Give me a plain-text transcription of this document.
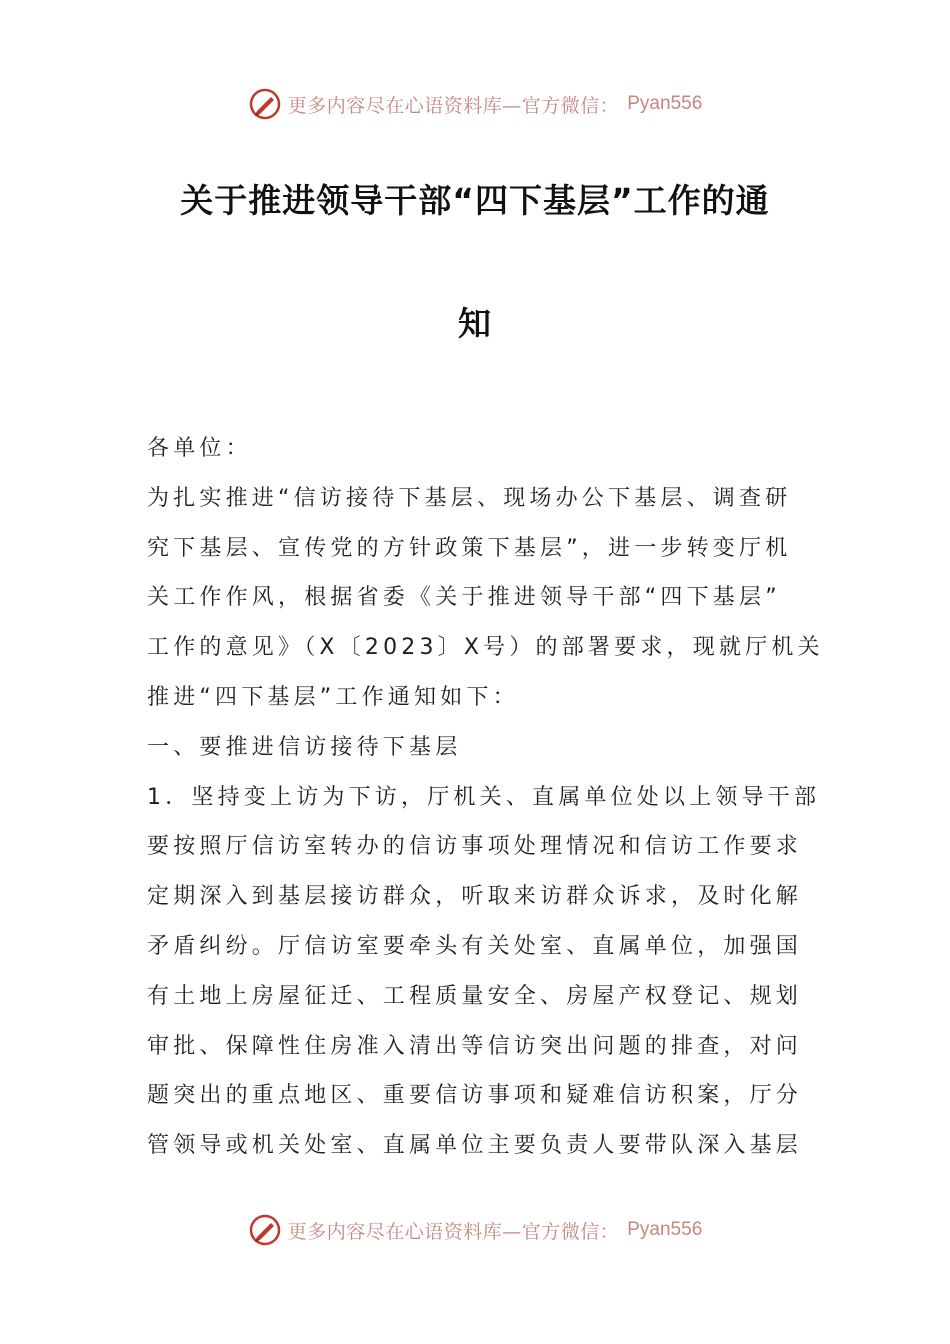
更多内容尽在心语资料库—官方微信： Pyan556
关于推进领导干部“四下基层”工作的通
知
各单位：
为扎实推进“信访接待下基层、现场办公下基层、调查研
究下基层、宣传党的方针政策下基层”，进一步转变厅机
关工作作风，根据省委《关于推进领导干部“四下基层”
工作的意见》（X〔2023〕X号）的部署要求，现就厅机关
推进“四下基层”工作通知如下：
一、要推进信访接待下基层
1．坚持变上访为下访，厅机关、直属单位处以上领导干部
要按照厅信访室转办的信访事项处理情况和信访工作要求
定期深入到基层接访群众，听取来访群众诉求，及时化解
矛盾纠纷。厅信访室要牵头有关处室、直属单位，加强国
有土地上房屋征迁、工程质量安全、房屋产权登记、规划
审批、保障性住房准入清出等信访突出问题的排查，对问
题突出的重点地区、重要信访事项和疑难信访积案，厅分
管领导或机关处室、直属单位主要负责人要带队深入基层
更多内容尽在心语资料库—官方微信： Pyan556
